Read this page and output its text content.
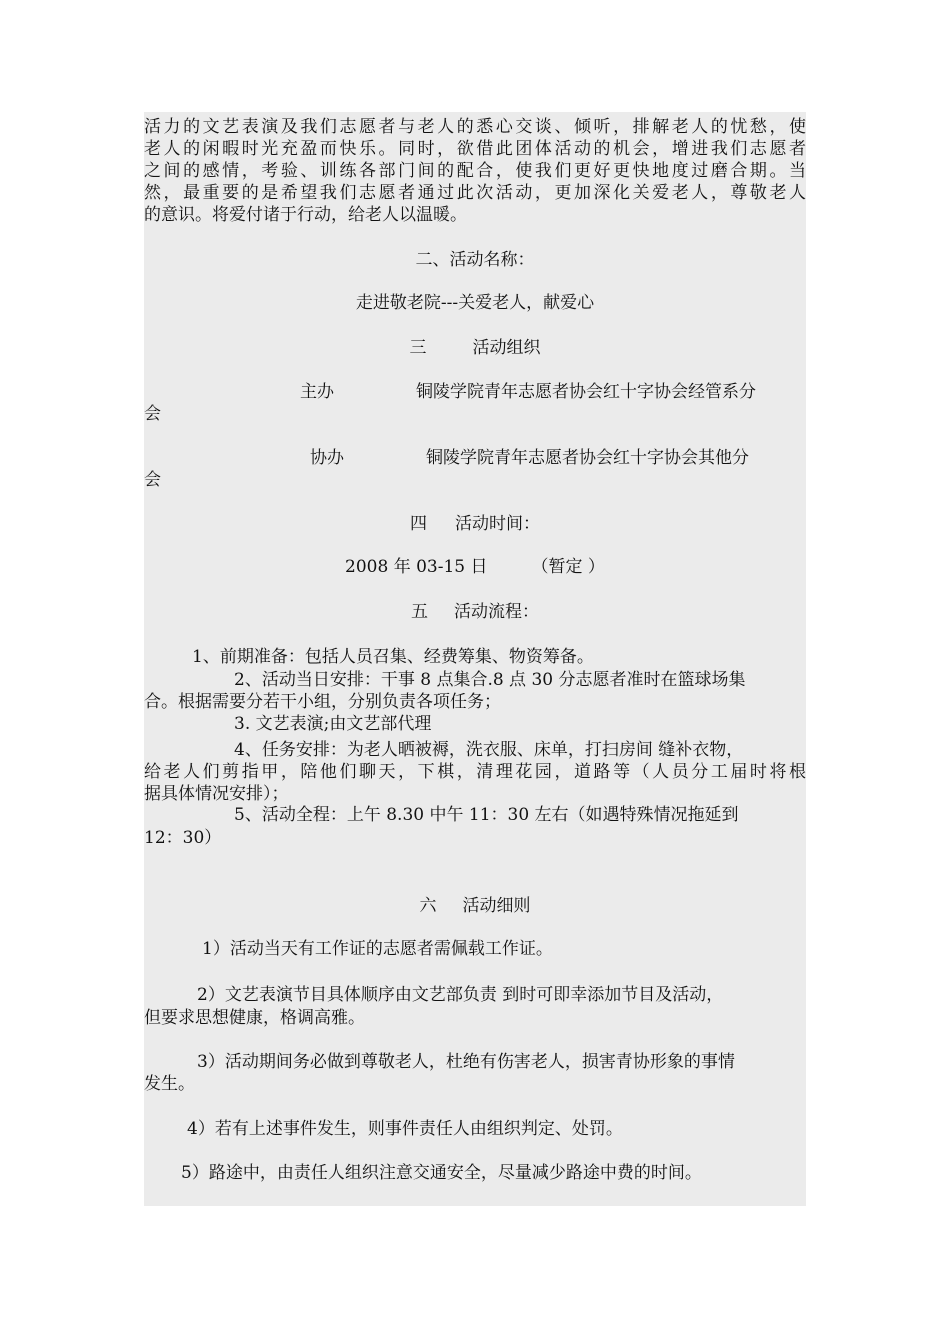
活力的文艺表演及我们志愿者与老人的悉心交谈、倾听，排解老人的忧愁，使
老人的闲暇时光充盈而快乐。同时，欲借此团体活动的机会，增进我们志愿者
之间的感情，考验、训练各部门间的配合，使我们更好更快地度过磨合期。当
然，最重要的是希望我们志愿者通过此次活动，更加深化关爱老人，尊敬老人
的意识。将爱付诸于行动，给老人以温暖。
二、活动名称：
走进敬老院---关爱老人，献爱心
三	活动组织
主办	铜陵学院青年志愿者协会红十字协会经管系分
会
协办	铜陵学院青年志愿者协会红十字协会其他分
会
四 活动时间：
2008 年 03-15 日	（暂定 ）
五 活动流程：
1、前期准备：包括人员召集、经费筹集、物资筹备。
2、活动当日安排：干事 8 点集合.8 点 30 分志愿者准时在篮球场集
合。根据需要分若干小组，分别负责各项任务；
3. 文艺表演;由文艺部代理
4、任务安排：为老人晒被褥，洗衣服、床单，打扫房间 缝补衣物，
给老人们剪指甲，陪他们聊天，下棋，清理花园，道路等（人员分工届时将根
据具体情况安排）；
5、活动全程：上午 8.30 中午 11：30 左右（如遇特殊情况拖延到
12：30）
六 活动细则
1）活动当天有工作证的志愿者需佩载工作证。
2）文艺表演节目具体顺序由文艺部负责 到时可即幸添加节目及活动，
但要求思想健康，格调高雅。
3）活动期间务必做到尊敬老人，杜绝有伤害老人，损害青协形象的事情
发生。
4）若有上述事件发生，则事件责任人由组织判定、处罚。
5）路途中，由责任人组织注意交通安全，尽量减少路途中费的时间。
